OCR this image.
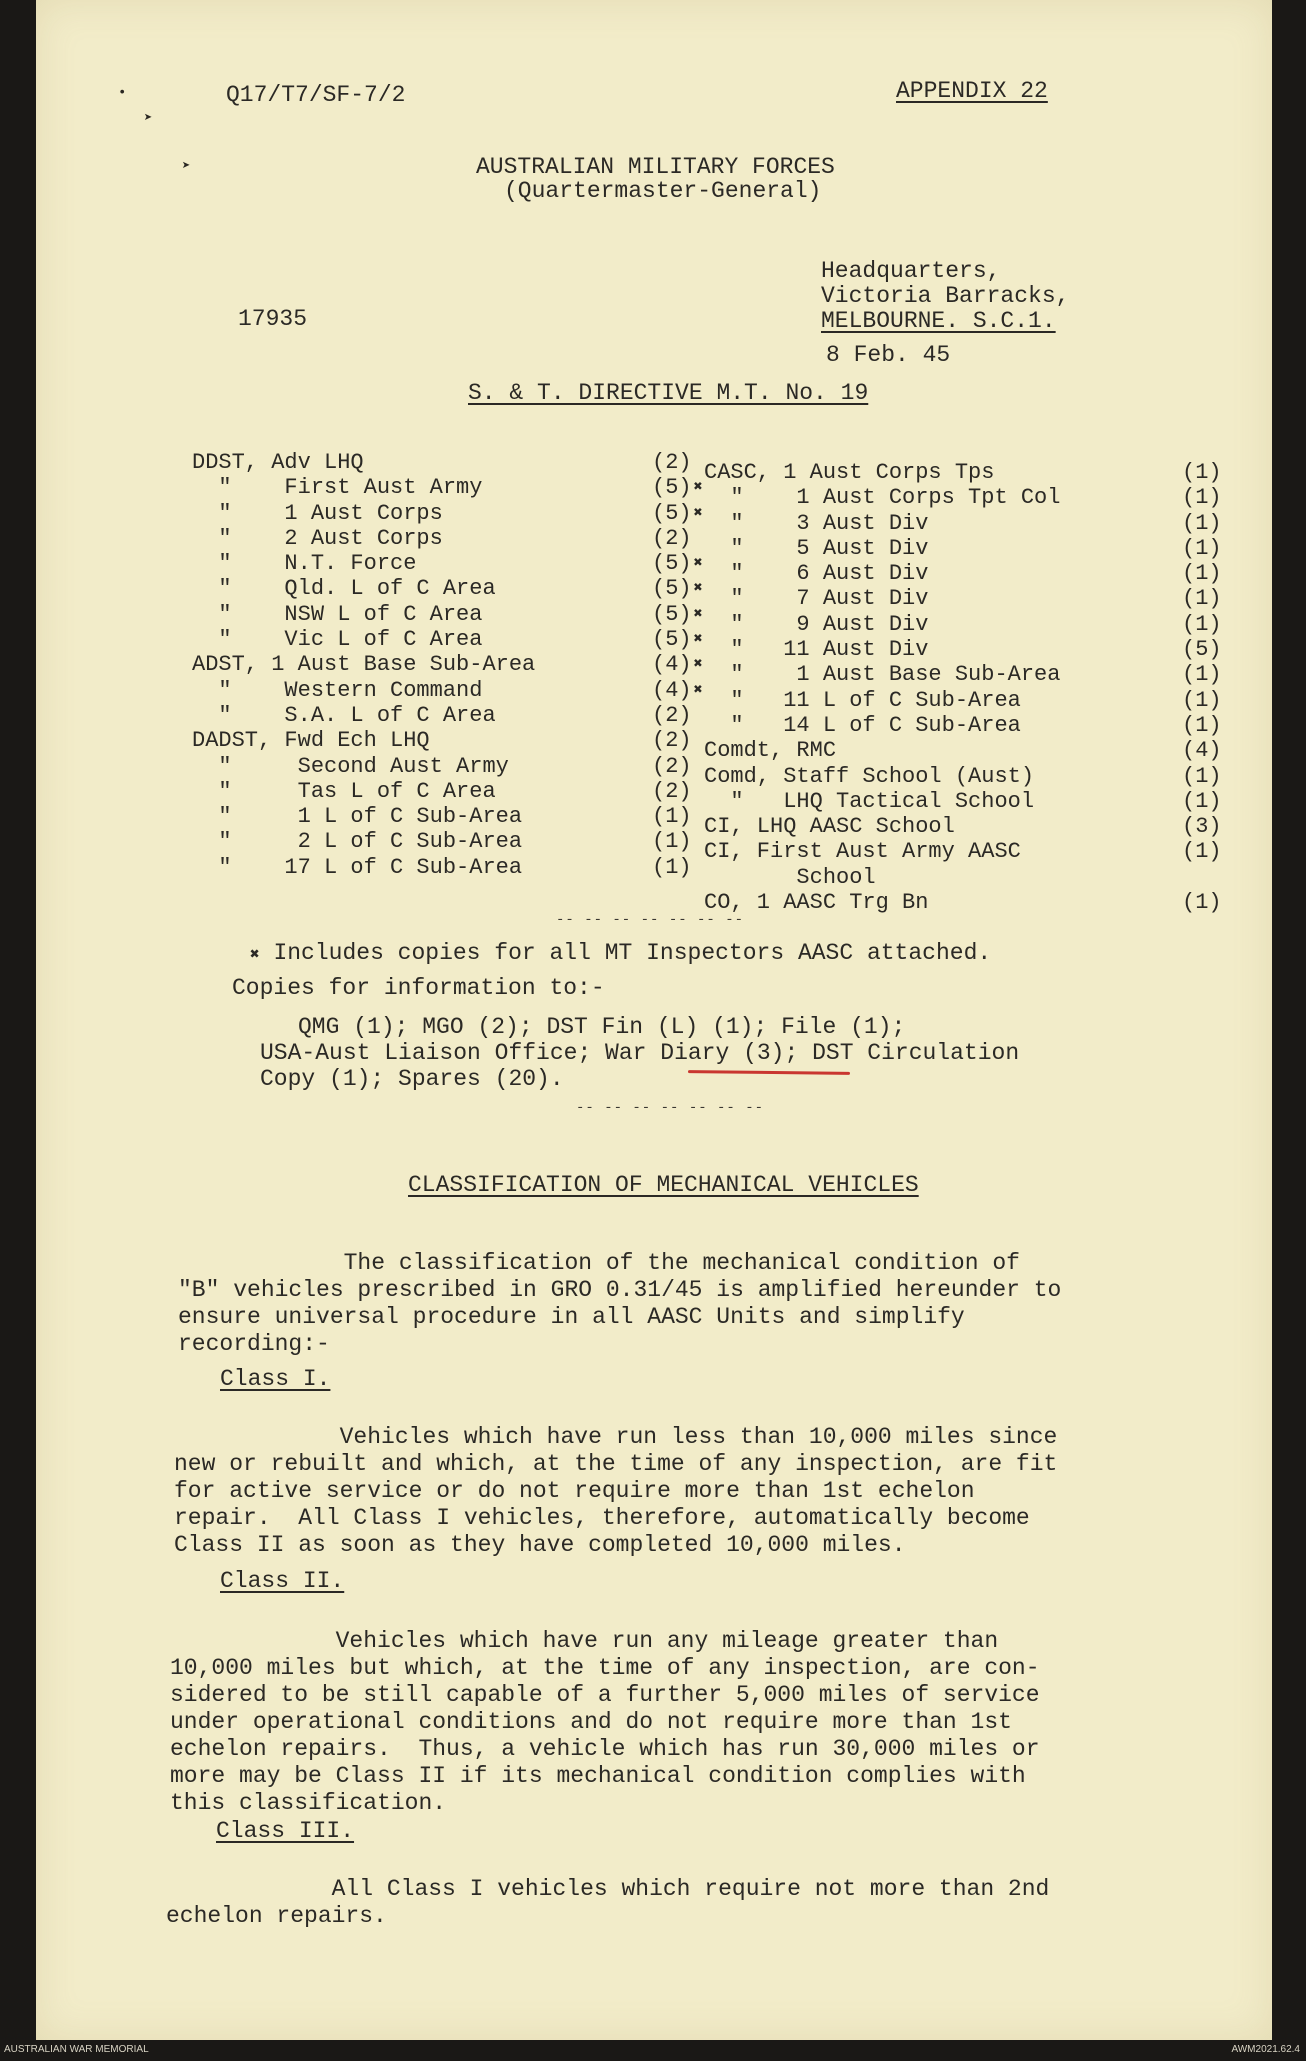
•
➤
➤
Q17/T7/SF-7/2	APPENDIX 22
AUSTRALIAN MILITARY FORCES
(Quartermaster-General)
Headquarters,
Victoria Barracks,
17935	MELBOURNE. S.C.1.
8 Feb. 45
S. & T. DIRECTIVE M.T. No. 19
DDST, Adv LHQ	(2)
"    First Aust Army	(5) ✖
"    1 Aust Corps	(5) ✖
"    2 Aust Corps	(2)
"    N.T. Force	(5) ✖
"    Qld. L of C Area	(5) ✖
"    NSW L of C Area	(5) ✖
"    Vic L of C Area	(5) ✖
ADST, 1 Aust Base Sub-Area	(4) ✖
"    Western Command	(4) ✖
"    S.A. L of C Area	(2)
DADST, Fwd Ech LHQ	(2)
"     Second Aust Army	(2)
"     Tas L of C Area	(2)
"     1 L of C Sub-Area	(1)
"     2 L of C Sub-Area	(1)
"    17 L of C Sub-Area	(1)
CASC, 1 Aust Corps Tps	(1)
"    1 Aust Corps Tpt Col	(1)
"    3 Aust Div	(1)
"    5 Aust Div	(1)
"    6 Aust Div	(1)
"    7 Aust Div	(1)
"    9 Aust Div	(1)
"   11 Aust Div	(5)
"    1 Aust Base Sub-Area	(1)
"   11 L of C Sub-Area	(1)
"   14 L of C Sub-Area	(1)
Comdt, RMC	(4)
Comd, Staff School (Aust)	(1)
"   LHQ Tactical School	(1)
CI, LHQ AASC School	(3)
CI, First Aust Army AASC	(1)
School
CO, 1 AASC Trg Bn	(1)
-- -- -- -- -- -- --
✖ Includes copies for all MT Inspectors AASC attached.
Copies for information to:-
QMG (1); MGO (2); DST Fin (L) (1); File (1);
USA-Aust Liaison Office; War Diary (3); DST Circulation
Copy (1); Spares (20).
-- -- -- -- -- -- --
CLASSIFICATION OF MECHANICAL VEHICLES
The classification of the mechanical condition of
"B" vehicles prescribed in GRO 0.31/45 is amplified hereunder to
ensure universal procedure in all AASC Units and simplify
recording:-
Class I.
Vehicles which have run less than 10,000 miles since
new or rebuilt and which, at the time of any inspection, are fit
for active service or do not require more than 1st echelon
repair.  All Class I vehicles, therefore, automatically become
Class II as soon as they have completed 10,000 miles.
Class II.
Vehicles which have run any mileage greater than
10,000 miles but which, at the time of any inspection, are con-
sidered to be still capable of a further 5,000 miles of service
under operational conditions and do not require more than 1st
echelon repairs.  Thus, a vehicle which has run 30,000 miles or
more may be Class II if its mechanical condition complies with
this classification.
Class III.
All Class I vehicles which require not more than 2nd
echelon repairs.
AUSTRALIAN WAR MEMORIAL	AWM2021.62.4
